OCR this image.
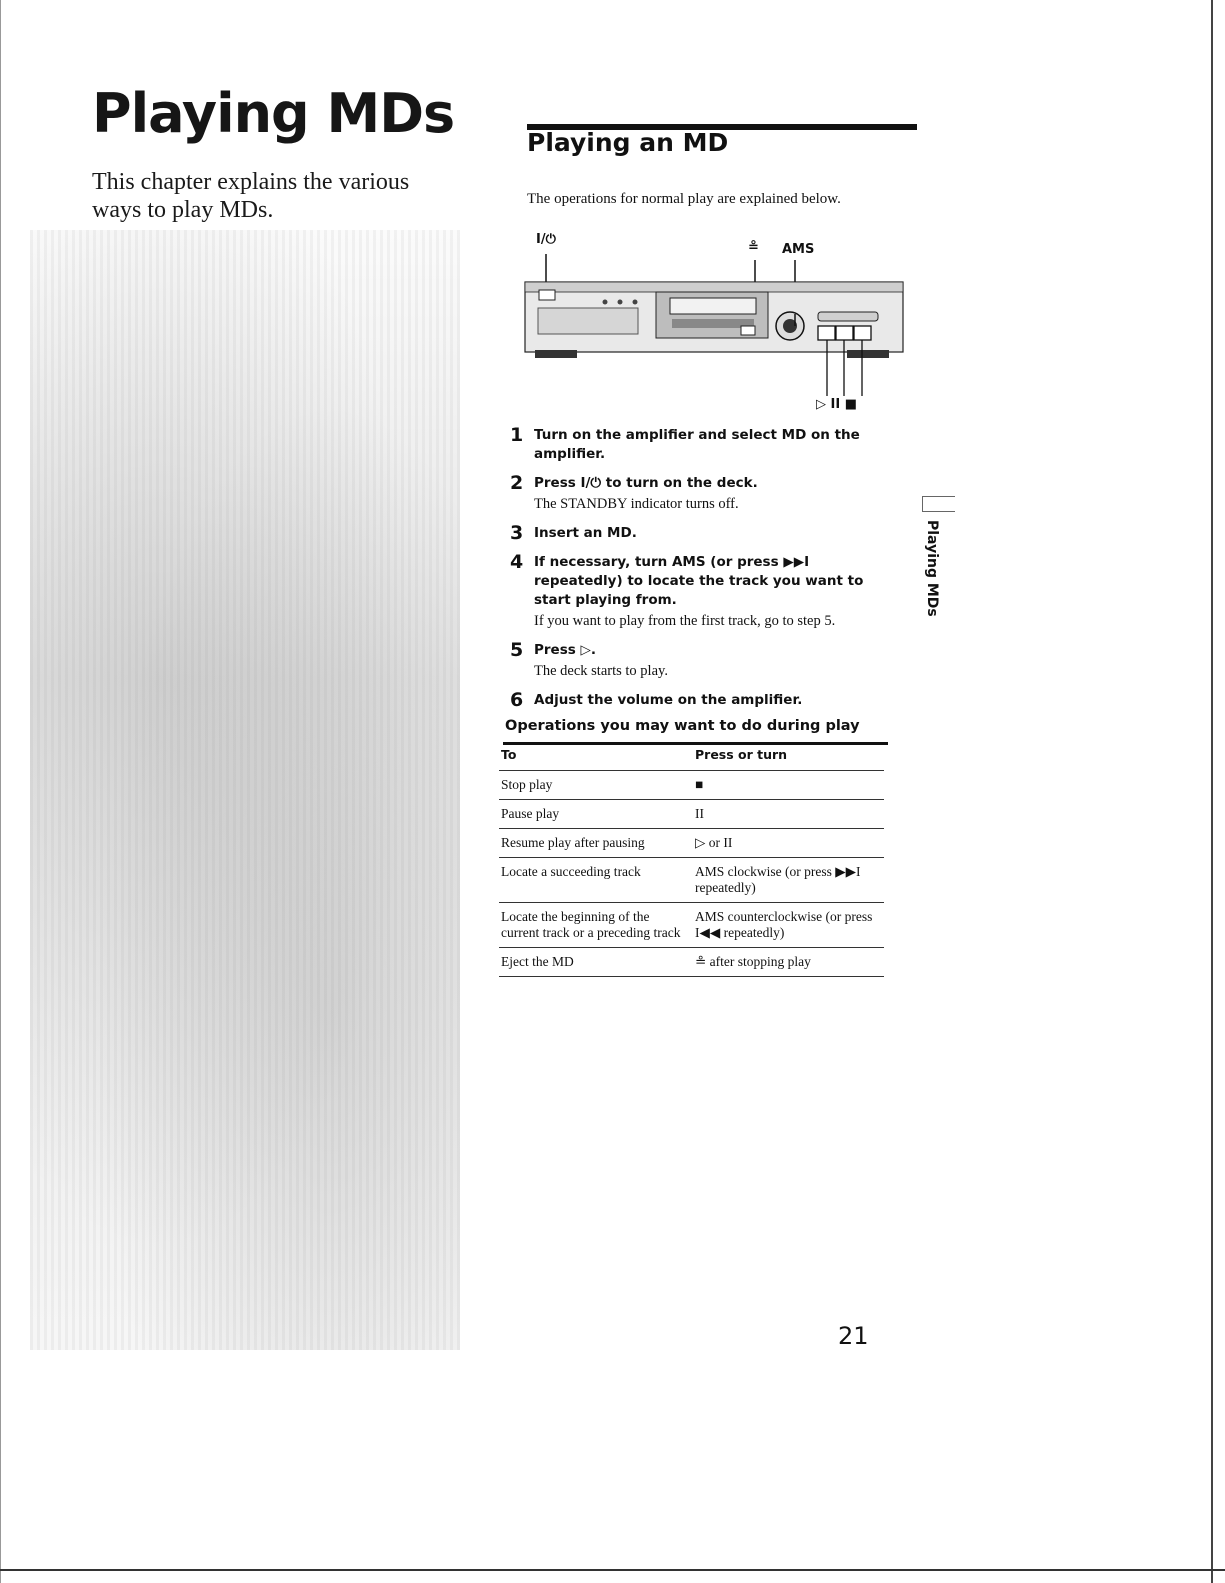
Playing MDs

This chapter explains the various ways to play MDs.

Playing an MD

The operations for normal play are explained below.

I/⏻
≗ AMS
▷ II ■
1 Turn on the amplifier and select MD on the amplifier.
2 Press I/⏻ to turn on the deck.
The STANDBY indicator turns off.
3 Insert an MD.
4 If necessary, turn AMS (or press ▶▶I repeatedly) to locate the track you want to start playing from.
If you want to play from the first track, go to step 5.
5 Press ▷.
The deck starts to play.
6 Adjust the volume on the amplifier.
Operations you may want to do during play
To	Press or turn
Stop play	■
Pause play	II
Resume play after pausing	▷ or II
Locate a succeeding track	AMS clockwise (or press ▶▶I repeatedly)
Locate the beginning of the current track or a preceding track	AMS counterclockwise (or press I◀◀ repeatedly)
Eject the MD	≗ after stopping play
Playing MDs
21
